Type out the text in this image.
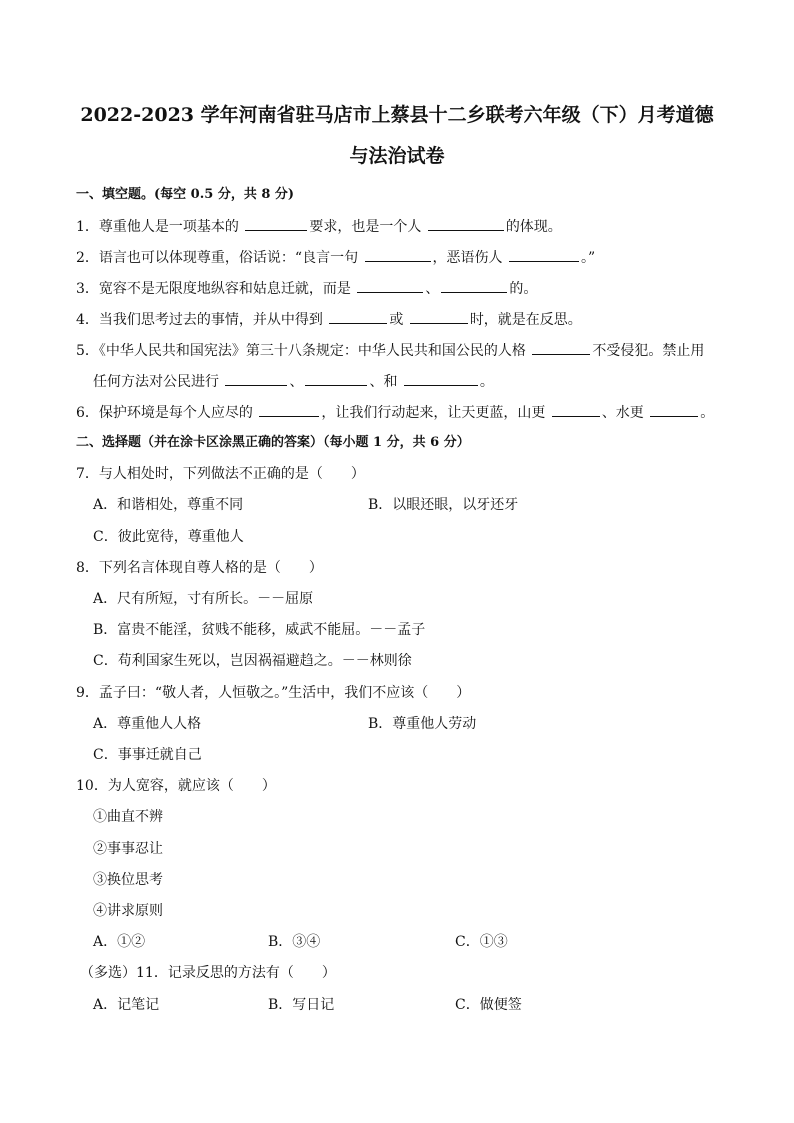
2022-2023 学年河南省驻马店市上蔡县十二乡联考六年级（下）月考道德
与法治试卷

一、填空题。(每空 0.5 分，共 8 分)

1．尊重他人是一项基本的	要求，也是一个人	的体现。

2．语言也可以体现尊重，俗话说：“良言一句	，恶语伤人	。”

3．宽容不是无限度地纵容和姑息迁就，而是	、	的。

4．当我们思考过去的事情，并从中得到	或	时，就是在反思。

5．《中华人民共和国宪法》第三十八条规定：中华人民共和国公民的人格	不受侵犯。禁止用

任何方法对公民进行	、	、和	。

6．保护环境是每个人应尽的	，让我们行动起来，让天更蓝，山更	、水更	。

二、选择题（并在涂卡区涂黑正确的答案）（每小题 1 分，共 6 分）

7．与人相处时，下列做法不正确的是（　　）

A．和谐相处，尊重不同	B．以眼还眼，以牙还牙
C．彼此宽待，尊重他人

8．下列名言体现自尊人格的是（　　）

A．尺有所短，寸有所长。－－屈原
B．富贵不能淫，贫贱不能移，威武不能屈。－－孟子
C．苟利国家生死以，岂因祸福避趋之。－－林则徐

9．孟子曰：“敬人者，人恒敬之。”生活中，我们不应该（　　）

A．尊重他人人格	B．尊重他人劳动
C．事事迁就自己

10．为人宽容，就应该（　　）

①曲直不辨
②事事忍让
③换位思考
④讲求原则
A．①②	B．③④	C．①③

（多选）11．记录反思的方法有（　　）

A．记笔记	B．写日记	C．做便签
